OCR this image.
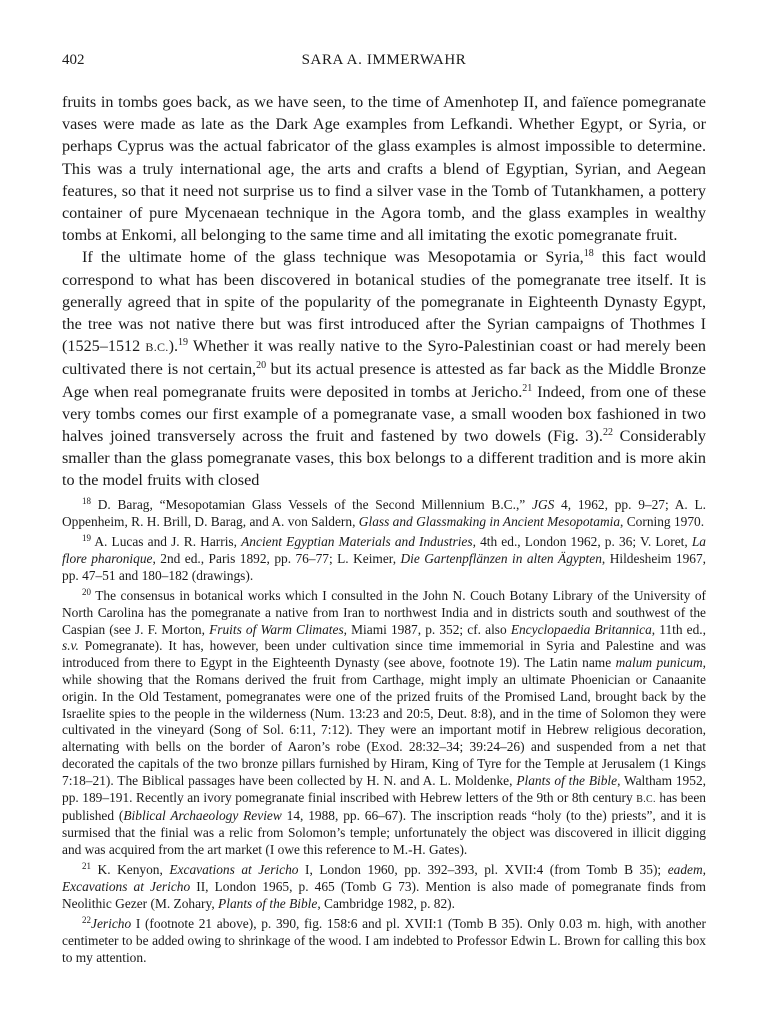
402	SARA A. IMMERWAHR

fruits in tombs goes back, as we have seen, to the time of Amenhotep II, and faïence pomegranate vases were made as late as the Dark Age examples from Lefkandi. Whether Egypt, or Syria, or perhaps Cyprus was the actual fabricator of the glass examples is almost impossible to determine. This was a truly international age, the arts and crafts a blend of Egyptian, Syrian, and Aegean features, so that it need not surprise us to find a silver vase in the Tomb of Tutankhamen, a pottery container of pure Mycenaean technique in the Agora tomb, and the glass examples in wealthy tombs at Enkomi, all belonging to the same time and all imitating the exotic pomegranate fruit.

If the ultimate home of the glass technique was Mesopotamia or Syria,$^{18}$ this fact would correspond to what has been discovered in botanical studies of the pomegranate tree itself. It is generally agreed that in spite of the popularity of the pomegranate in Eighteenth Dynasty Egypt, the tree was not native there but was first introduced after the Syrian campaigns of Thothmes I (1525–1512 B.C.).$^{19}$ Whether it was really native to the Syro-Palestinian coast or had merely been cultivated there is not certain,$^{20}$ but its actual presence is attested as far back as the Middle Bronze Age when real pomegranate fruits were deposited in tombs at Jericho.$^{21}$ Indeed, from one of these very tombs comes our first example of a pomegranate vase, a small wooden box fashioned in two halves joined transversely across the fruit and fastened by two dowels (Fig. 3).$^{22}$ Considerably smaller than the glass pomegranate vases, this box belongs to a different tradition and is more akin to the model fruits with closed

$^{18}$ D. Barag, “Mesopotamian Glass Vessels of the Second Millennium B.C.,” JGS 4, 1962, pp. 9–27; A. L. Oppenheim, R. H. Brill, D. Barag, and A. von Saldern, Glass and Glassmaking in Ancient Mesopotamia, Corning 1970.

$^{19}$ A. Lucas and J. R. Harris, Ancient Egyptian Materials and Industries, 4th ed., London 1962, p. 36; V. Loret, La flore pharonique, 2nd ed., Paris 1892, pp. 76–77; L. Keimer, Die Gartenpflänzen in alten Ägypten, Hildesheim 1967, pp. 47–51 and 180–182 (drawings).

$^{20}$ The consensus in botanical works which I consulted in the John N. Couch Botany Library of the University of North Carolina has the pomegranate a native from Iran to northwest India and in districts south and southwest of the Caspian (see J. F. Morton, Fruits of Warm Climates, Miami 1987, p. 352; cf. also Encyclopaedia Britannica, 11th ed., s.v. Pomegranate). It has, however, been under cultivation since time immemorial in Syria and Palestine and was introduced from there to Egypt in the Eighteenth Dynasty (see above, footnote 19). The Latin name malum punicum, while showing that the Romans derived the fruit from Carthage, might imply an ultimate Phoenician or Canaanite origin. In the Old Testament, pomegranates were one of the prized fruits of the Promised Land, brought back by the Israelite spies to the people in the wilderness (Num. 13:23 and 20:5, Deut. 8:8), and in the time of Solomon they were cultivated in the vineyard (Song of Sol. 6:11, 7:12). They were an important motif in Hebrew religious decoration, alternating with bells on the border of Aaron’s robe (Exod. 28:32–34; 39:24–26) and suspended from a net that decorated the capitals of the two bronze pillars furnished by Hiram, King of Tyre for the Temple at Jerusalem (1 Kings 7:18–21). The Biblical passages have been collected by H. N. and A. L. Moldenke, Plants of the Bible, Waltham 1952, pp. 189–191. Recently an ivory pomegranate finial inscribed with Hebrew letters of the 9th or 8th century B.C. has been published (Biblical Archaeology Review 14, 1988, pp. 66–67). The inscription reads “holy (to the) priests”, and it is surmised that the finial was a relic from Solomon’s temple; unfortunately the object was discovered in illicit digging and was acquired from the art market (I owe this reference to M.-H. Gates).

$^{21}$ K. Kenyon, Excavations at Jericho I, London 1960, pp. 392–393, pl. XVII:4 (from Tomb B 35); eadem, Excavations at Jericho II, London 1965, p. 465 (Tomb G 73). Mention is also made of pomegranate finds from Neolithic Gezer (M. Zohary, Plants of the Bible, Cambridge 1982, p. 82).

$^{22}$Jericho I (footnote 21 above), p. 390, fig. 158:6 and pl. XVII:1 (Tomb B 35). Only 0.03 m. high, with another centimeter to be added owing to shrinkage of the wood. I am indebted to Professor Edwin L. Brown for calling this box to my attention.
